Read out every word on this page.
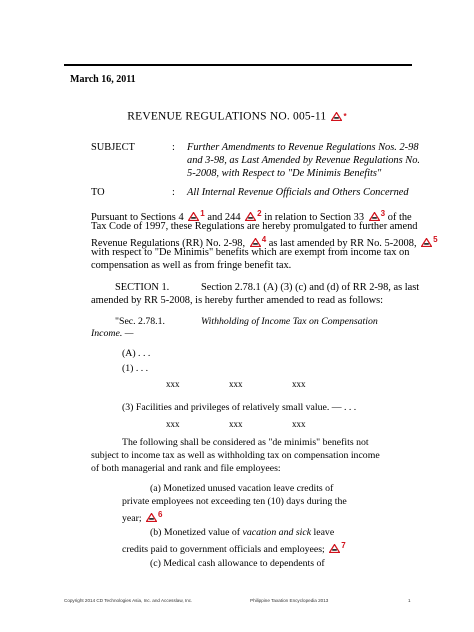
March 16, 2011
REVENUE REGULATIONS NO. 005-11 *
SUBJECT	: Further Amendments to Revenue Regulations Nos. 2-98
and 3-98, as Last Amended by Revenue Regulations No.
5-2008, with Respect to "De Minimis Benefits"
TO	: All Internal Revenue Officials and Others Concerned
Pursuant to Sections 4 $^1$ and 244 $^2$ in relation to Section 33 $^3$ of the
Tax Code of 1997, these Regulations are hereby promulgated to further amend
Revenue Regulations (RR) No. 2-98, $^4$ as last amended by RR No. 5-2008, $^5$
with respect to "De Minimis" benefits which are exempt from income tax on
compensation as well as from fringe benefit tax.
SECTION 1.	Section 2.78.1 (A) (3) (c) and (d) of RR 2-98, as last
amended by RR 5-2008, is hereby further amended to read as follows:
"Sec. 2.78.1.	Withholding of Income Tax on Compensation
Income. —
(A) . . .
(1) . . .
xxx	xxx	xxx
(3) Facilities and privileges of relatively small value. — . . .
xxx	xxx	xxx
The following shall be considered as "de minimis" benefits not
subject to income tax as well as withholding tax on compensation income
of both managerial and rank and file employees:
(a) Monetized unused vacation leave credits of
private employees not exceeding ten (10) days during the
year; $^6$
(b) Monetized value of vacation and sick leave
credits paid to government officials and employees; $^7$
(c) Medical cash allowance to dependents of
Copyright 2014 CD Technologies Asia, Inc. and Accesslaw, Inc.	Philippine Taxation Encyclopedia 2013	1
